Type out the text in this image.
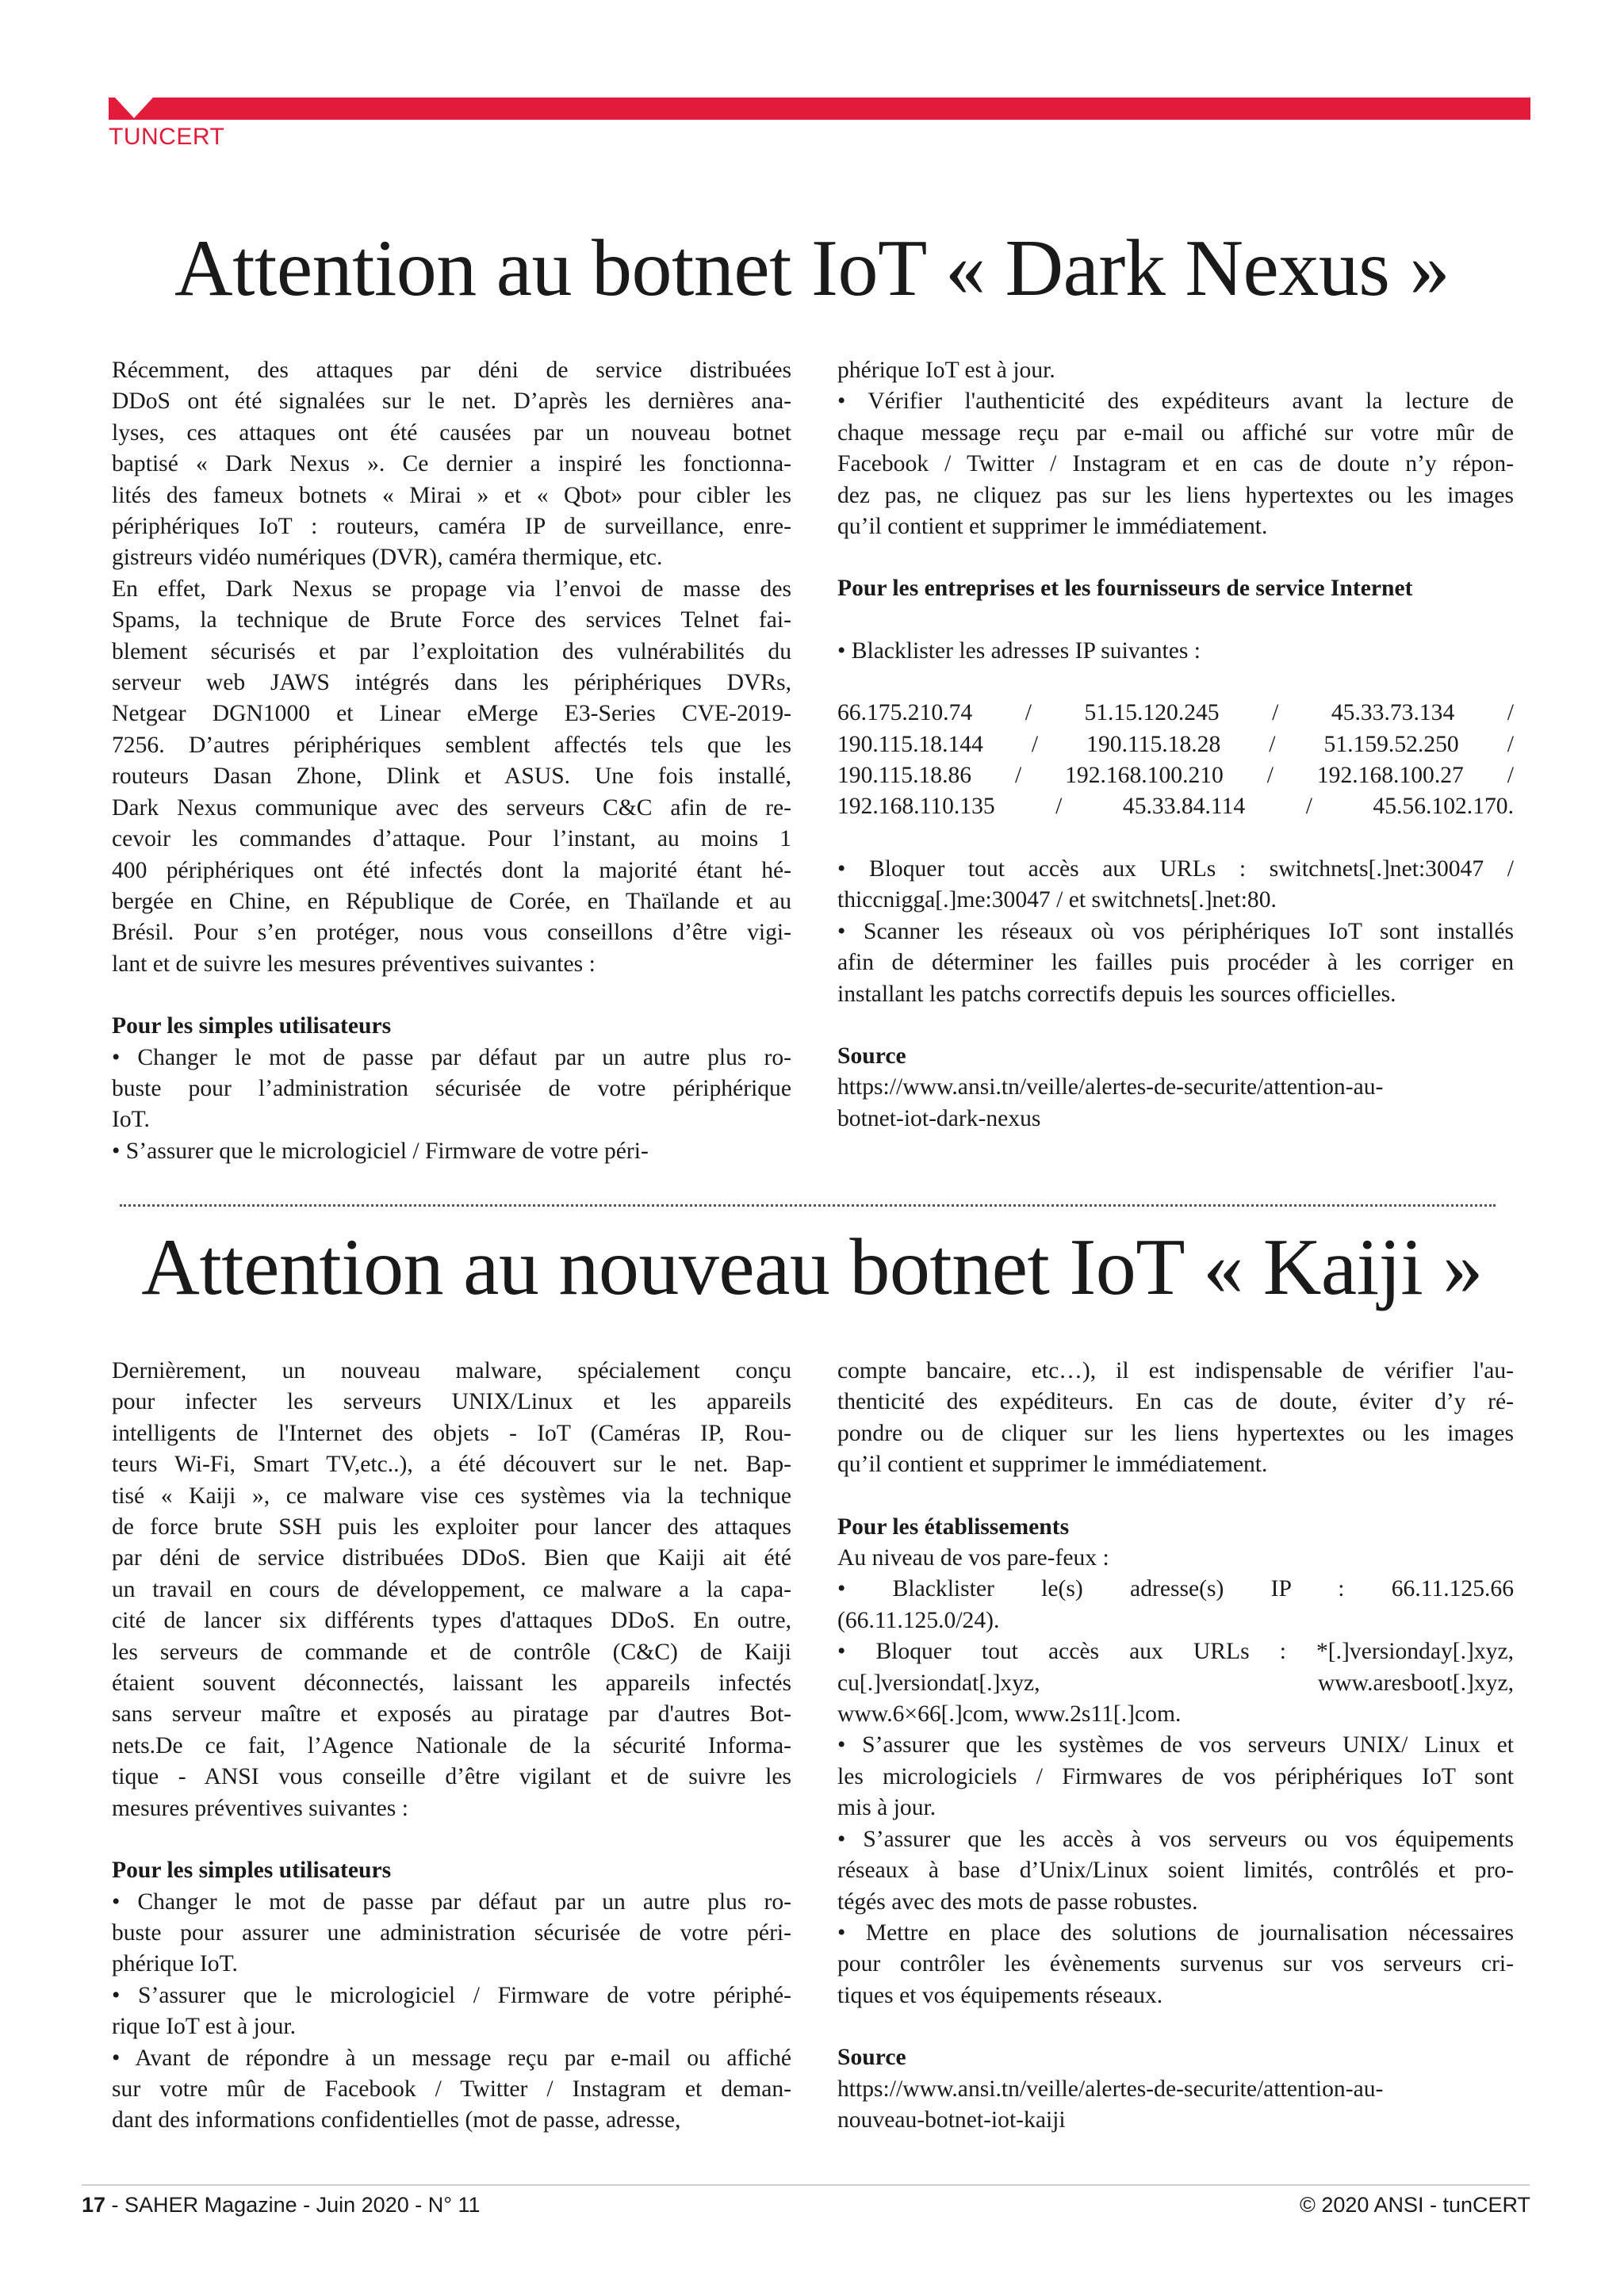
TUNCERT
Attention au botnet IoT « Dark Nexus »
Récemment, des attaques par déni de service distribuées
DDoS ont été signalées sur le net. D’après les dernières ana-
lyses, ces attaques ont été causées par un nouveau botnet
baptisé « Dark Nexus ». Ce dernier a inspiré les fonctionna-
lités des fameux botnets « Mirai » et « Qbot» pour cibler les
périphériques IoT : routeurs, caméra IP de surveillance, enre-
gistreurs vidéo numériques (DVR), caméra thermique, etc.
En effet, Dark Nexus se propage via l’envoi de masse des
Spams, la technique de Brute Force des services Telnet fai-
blement sécurisés et par l’exploitation des vulnérabilités du
serveur web JAWS intégrés dans les périphériques DVRs,
Netgear DGN1000 et Linear eMerge E3-Series CVE-2019-
7256. D’autres périphériques semblent affectés tels que les
routeurs Dasan Zhone, Dlink et ASUS. Une fois installé,
Dark Nexus communique avec des serveurs C&C afin de re-
cevoir les commandes d’attaque. Pour l’instant, au moins 1
400 périphériques ont été infectés dont la majorité étant hé-
bergée en Chine, en République de Corée, en Thaïlande et au
Brésil. Pour s’en protéger, nous vous conseillons d’être vigi-
lant et de suivre les mesures préventives suivantes :

Pour les simples utilisateurs

• Changer le mot de passe par défaut par un autre plus ro-
buste pour l’administration sécurisée de votre périphérique
IoT.
• S’assurer que le micrologiciel / Firmware de votre péri-
phérique IoT est à jour.
• Vérifier l'authenticité des expéditeurs avant la lecture de
chaque message reçu par e-mail ou affiché sur votre mûr de
Facebook / Twitter / Instagram et en cas de doute n’y répon-
dez pas, ne cliquez pas sur les liens hypertextes ou les images
qu’il contient et supprimer le immédiatement.

Pour les entreprises et les fournisseurs de service Internet

• Blacklister les adresses IP suivantes :

66.175.210.74 / 51.15.120.245 / 45.33.73.134 /
190.115.18.144 / 190.115.18.28 / 51.159.52.250 /
190.115.18.86 / 192.168.100.210 / 192.168.100.27 /
192.168.110.135	/	45.33.84.114	/	45.56.102.170.
• Bloquer tout accès aux URLs : switchnets[.]net:30047 /
thiccnigga[.]me:30047 / et switchnets[.]net:80.
• Scanner les réseaux où vos périphériques IoT sont installés
afin de déterminer les failles puis procéder à les corriger en
installant les patchs correctifs depuis les sources officielles.

Source

https://www.ansi.tn/veille/alertes-de-securite/attention-au-
botnet-iot-dark-nexus
Attention au nouveau botnet IoT « Kaiji »
Dernièrement, un nouveau malware, spécialement conçu
pour infecter les serveurs UNIX/Linux et les appareils
intelligents de l'Internet des objets - IoT (Caméras IP, Rou-
teurs Wi-Fi, Smart TV,etc..), a été découvert sur le net. Bap-
tisé « Kaiji », ce malware vise ces systèmes via la technique
de force brute SSH puis les exploiter pour lancer des attaques
par déni de service distribuées DDoS. Bien que Kaiji ait été
un travail en cours de développement, ce malware a la capa-
cité de lancer six différents types d'attaques DDoS. En outre,
les serveurs de commande et de contrôle (C&C) de Kaiji
étaient souvent déconnectés, laissant les appareils infectés
sans serveur maître et exposés au piratage par d'autres Bot-
nets.De ce fait, l’Agence Nationale de la sécurité Informa-
tique - ANSI vous conseille d’être vigilant et de suivre les
mesures préventives suivantes :

Pour les simples utilisateurs

• Changer le mot de passe par défaut par un autre plus ro-
buste pour assurer une administration sécurisée de votre péri-
phérique IoT.
• S’assurer que le micrologiciel / Firmware de votre périphé-
rique IoT est à jour.
• Avant de répondre à un message reçu par e-mail ou affiché
sur votre mûr de Facebook / Twitter / Instagram et deman-
dant des informations confidentielles (mot de passe, adresse,
compte bancaire, etc…), il est indispensable de vérifier l'au-
thenticité des expéditeurs. En cas de doute, éviter d’y ré-
pondre ou de cliquer sur les liens hypertextes ou les images
qu’il contient et supprimer le immédiatement.

Pour les établissements

Au niveau de vos pare-feux :
• Blacklister le(s) adresse(s) IP : 66.11.125.66
(66.11.125.0/24).
• Bloquer tout accès aux URLs : *[.]versionday[.]xyz,
cu[.]versiondat[.]xyz, www.aresboot[.]xyz,
www.6×66[.]com, www.2s11[.]com.
• S’assurer que les systèmes de vos serveurs UNIX/ Linux et
les micrologiciels / Firmwares de vos périphériques IoT sont
mis à jour.
• S’assurer que les accès à vos serveurs ou vos équipements
réseaux à base d’Unix/Linux soient limités, contrôlés et pro-
tégés avec des mots de passe robustes.
• Mettre en place des solutions de journalisation nécessaires
pour contrôler les évènements survenus sur vos serveurs cri-
tiques et vos équipements réseaux.

Source

https://www.ansi.tn/veille/alertes-de-securite/attention-au-
nouveau-botnet-iot-kaiji
17 - SAHER Magazine - Juin 2020 - N° 11	© 2020 ANSI - tunCERT
